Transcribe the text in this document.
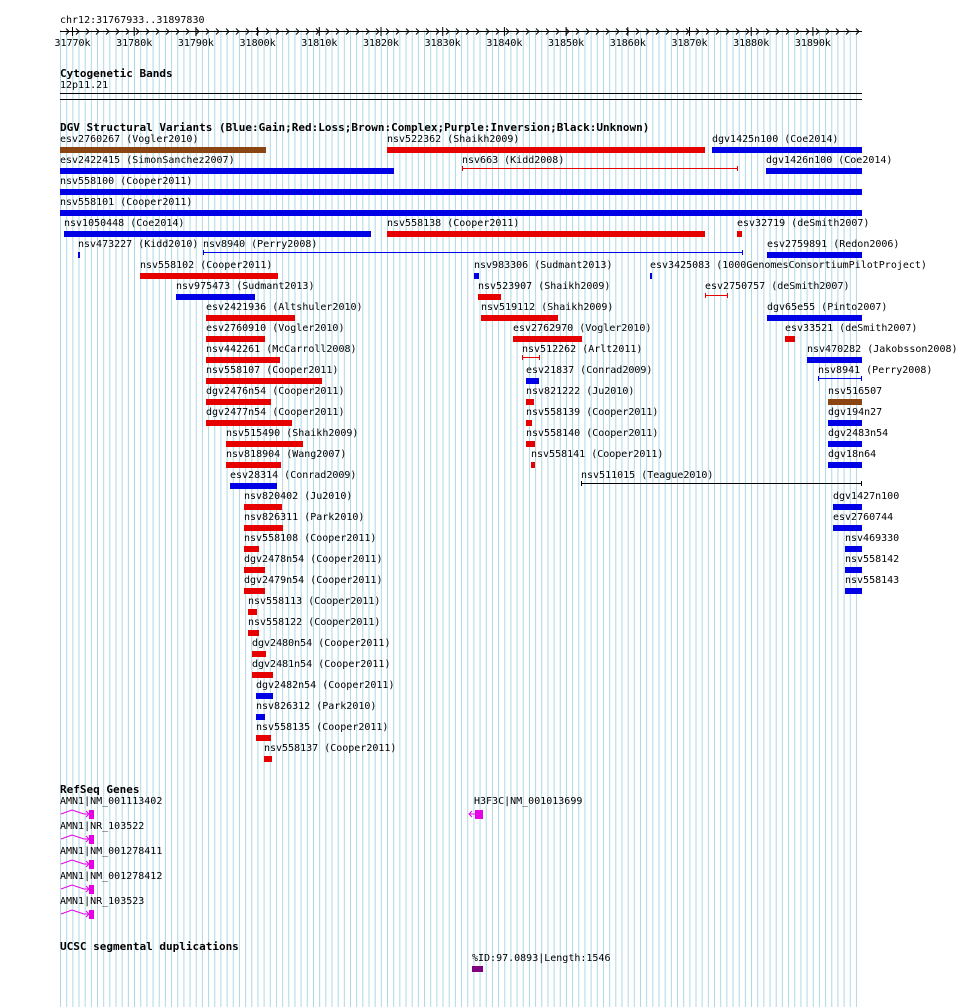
chr12:31767933..31897830
31770k	31780k	31790k	31800k	31810k	31820k	31830k	31840k	31850k	31860k	31870k	31880k	31890k
Cytogenetic Bands
12p11.21
DGV Structural Variants (Blue:Gain;Red:Loss;Brown:Complex;Purple:Inversion;Black:Unknown)
esv2760267 (Vogler2010)	nsv522362 (Shaikh2009)	dgv1425n100 (Coe2014)
esv2422415 (SimonSanchez2007)	nsv663 (Kidd2008)	dgv1426n100 (Coe2014)
nsv558100 (Cooper2011)
nsv558101 (Cooper2011)
nsv1050448 (Coe2014)	nsv558138 (Cooper2011)	esv32719 (deSmith2007)
nsv473227 (Kidd2010) nsv8940 (Perry2008)	esv2759891 (Redon2006)
nsv558102 (Cooper2011)	nsv983306 (Sudmant2013)	esv3425083 (1000GenomesConsortiumPilotProject)
nsv975473 (Sudmant2013)	nsv523907 (Shaikh2009)	esv2750757 (deSmith2007)
esv2421936 (Altshuler2010)	nsv519112 (Shaikh2009)	dgv65e55 (Pinto2007)
esv2760910 (Vogler2010)	esv2762970 (Vogler2010)	esv33521 (deSmith2007)
nsv442261 (McCarroll2008)	nsv512262 (Arlt2011)	nsv470282 (Jakobsson2008)
nsv558107 (Cooper2011)	esv21837 (Conrad2009)	nsv8941 (Perry2008)
dgv2476n54 (Cooper2011)	nsv821222 (Ju2010)	nsv516507
dgv2477n54 (Cooper2011)	nsv558139 (Cooper2011)	dgv194n27
nsv515490 (Shaikh2009)	nsv558140 (Cooper2011)	dgv2483n54
nsv818904 (Wang2007)	nsv558141 (Cooper2011)	dgv18n64
esv28314 (Conrad2009)	nsv511015 (Teague2010)
nsv820402 (Ju2010)	dgv1427n100
nsv826311 (Park2010)	esv2760744
nsv558108 (Cooper2011)	nsv469330
dgv2478n54 (Cooper2011)	nsv558142
dgv2479n54 (Cooper2011)	nsv558143
nsv558113 (Cooper2011)
nsv558122 (Cooper2011)
dgv2480n54 (Cooper2011)
dgv2481n54 (Cooper2011)
dgv2482n54 (Cooper2011)
nsv826312 (Park2010)
nsv558135 (Cooper2011)
nsv558137 (Cooper2011)
RefSeq Genes
AMN1|NM_001113402
AMN1|NR_103522
AMN1|NM_001278411
AMN1|NM_001278412
AMN1|NR_103523
H3F3C|NM_001013699
UCSC segmental duplications
%ID:97.0893|Length:1546
